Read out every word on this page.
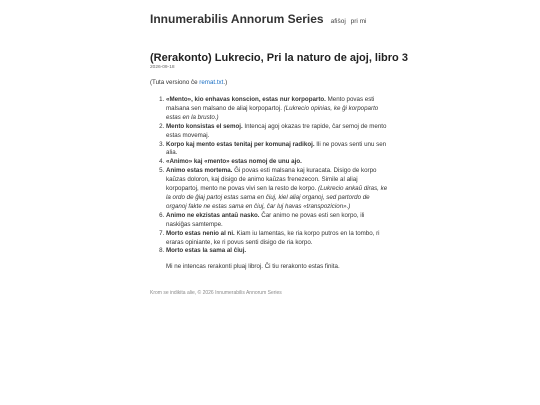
Innumerabilis Annorum Series afiŝoj pri mi
(Rerakonto) Lukrecio, Pri la naturo de ajoj, libro 3
2026-09-18

(Tuta versiono ĉe remat.txt.)

1. «Mento», kio enhavas konscion, estas nur korpoparto. Mento povas esti malsana sen malsano de aliaj korpopartoj. (Lukrecio opinias, ke ĝi korpoparto estas en la brusto.)
2. Mento konsistas el semoj. Intencaj agoj okazas tre rapide, ĉar semoj de mento estas movemaj.
3. Korpo kaj mento estas tenitaj per komunaj radikoj. Ili ne povas senti unu sen alia.
4. «Animo» kaj «mento» estas nomoj de unu ajo.
5. Animo estas mortema. Ĝi povas esti malsana kaj kuracata. Disigo de korpo kaŭzas doloron, kaj disigo de animo kaŭzas frenezecon. Simile al aliaj korpopartoj, mento ne povas vivi sen la resto de korpo. (Lukrecio ankaŭ diras, ke la ordo de ĝiaj partoj estas sama en ĉiuj, kiel aliaj organoj, sed partordo de organoj fakte ne estas sama en ĉiuj, ĉar luj havas «transpozicion».)
6. Animo ne ekzistas antaŭ nasko. Ĉar animo ne povas esti sen korpo, ili naskiĝas samtempe.
7. Morto estas nenio al ni. Kiam iu lamentas, ke ria korpo putros en la tombo, ri eraras opiniante, ke ri povus senti disigo de ria korpo.
8. Morto estas la sama al ĉiuj.

Mi ne intencas rerakonti pluaj libroj. Ĉi tiu rerakonto estas finita.

Krom se indikita alie, © 2026 Innumerabilis Annorum Series
